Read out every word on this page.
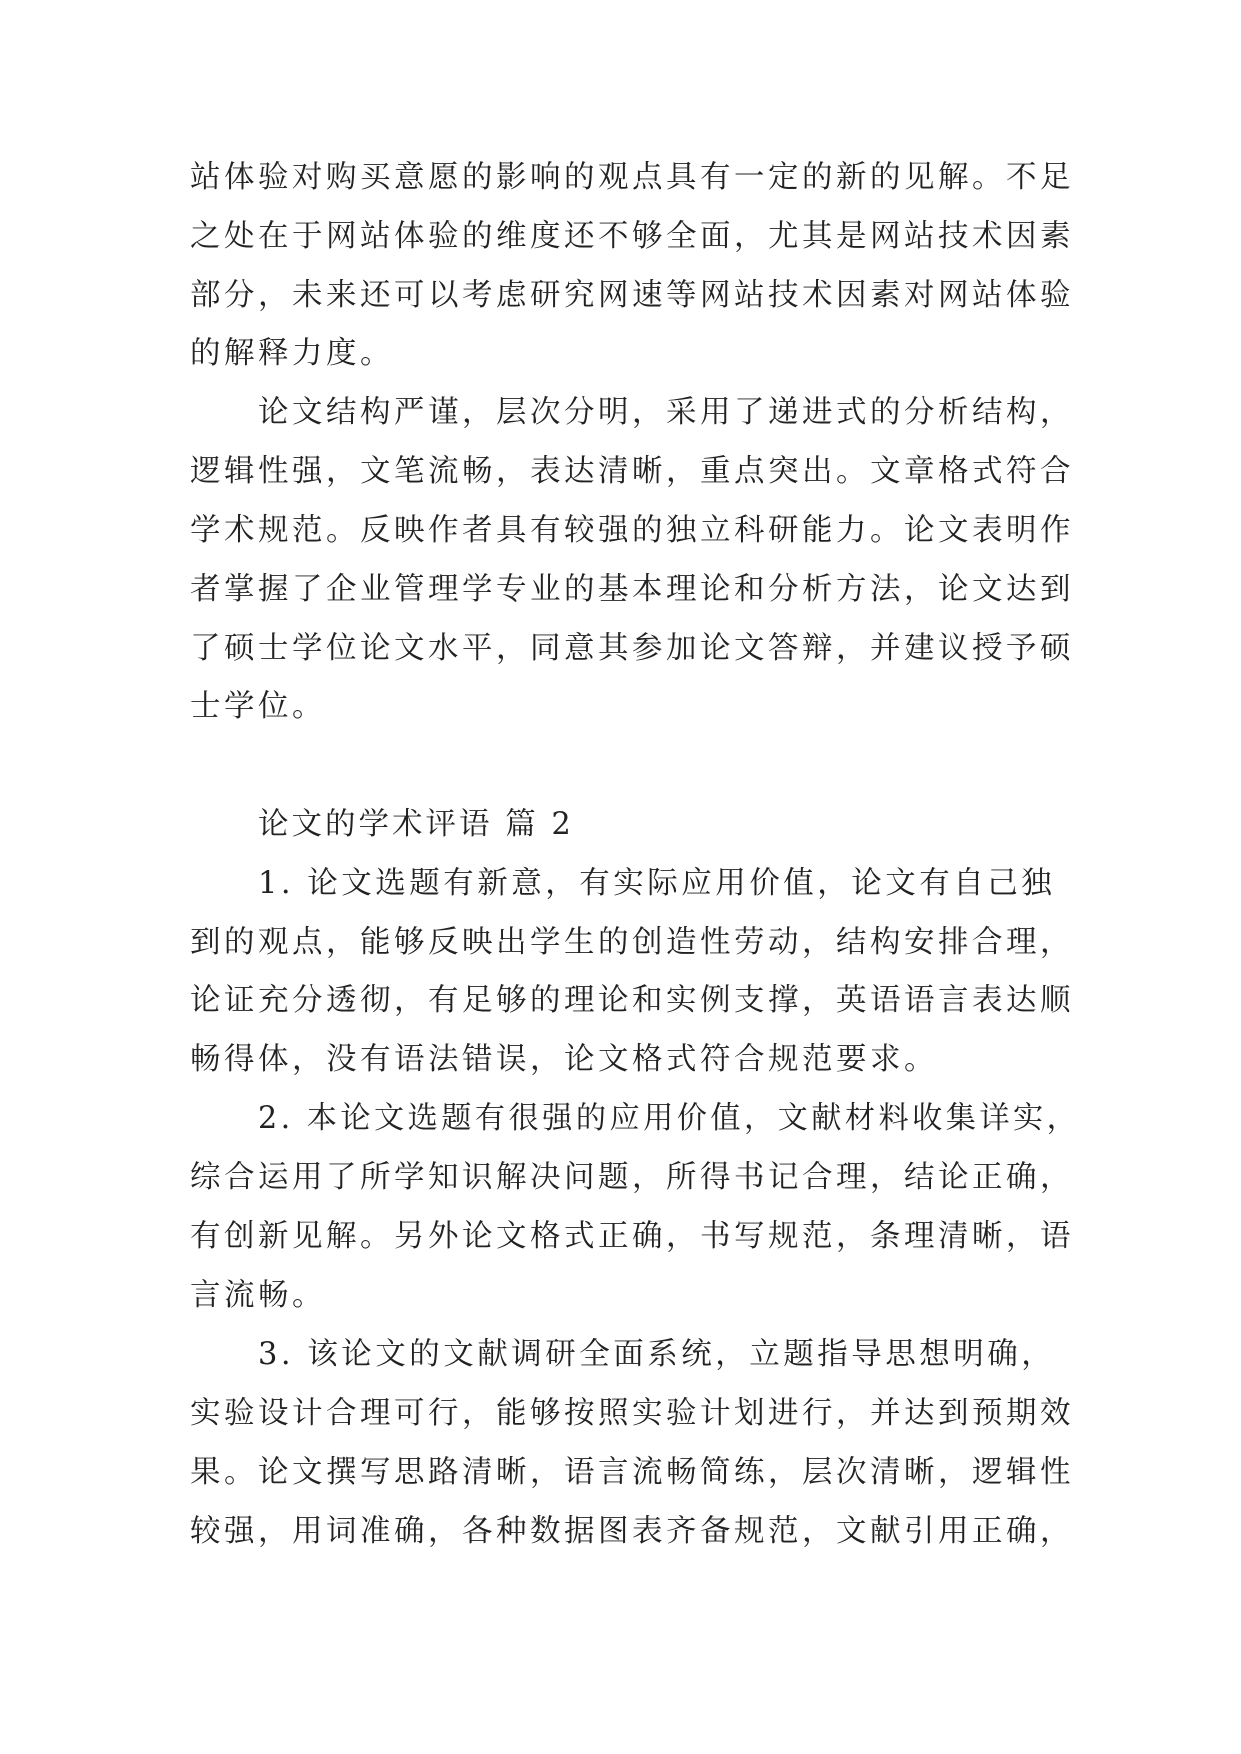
站体验对购买意愿的影响的观点具有一定的新的见解。不足

之处在于网站体验的维度还不够全面，尤其是网站技术因素

部分，未来还可以考虑研究网速等网站技术因素对网站体验

的解释力度。

论文结构严谨，层次分明，采用了递进式的分析结构，

逻辑性强，文笔流畅，表达清晰，重点突出。文章格式符合

学术规范。反映作者具有较强的独立科研能力。论文表明作

者掌握了企业管理学专业的基本理论和分析方法，论文达到

了硕士学位论文水平，同意其参加论文答辩，并建议授予硕

士学位。

论文的学术评语 篇 2

1. 论文选题有新意，有实际应用价值，论文有自己独

到的观点，能够反映出学生的创造性劳动，结构安排合理，

论证充分透彻，有足够的理论和实例支撑，英语语言表达顺

畅得体，没有语法错误，论文格式符合规范要求。

2. 本论文选题有很强的应用价值，文献材料收集详实，

综合运用了所学知识解决问题，所得书记合理，结论正确，

有创新见解。另外论文格式正确，书写规范，条理清晰，语

言流畅。

3. 该论文的文献调研全面系统，立题指导思想明确，

实验设计合理可行，能够按照实验计划进行，并达到预期效

果。论文撰写思路清晰，语言流畅简练，层次清晰，逻辑性

较强，用词准确，各种数据图表齐备规范，文献引用正确，
